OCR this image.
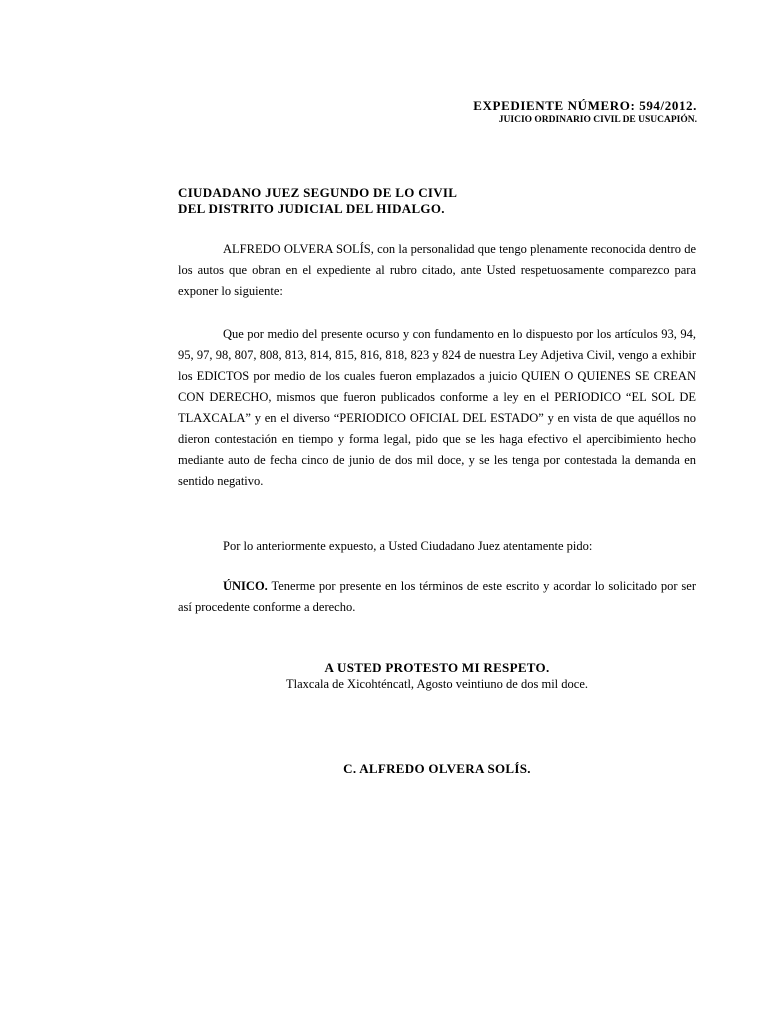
EXPEDIENTE NÚMERO: 594/2012.
JUICIO ORDINARIO CIVIL DE USUCAPIÓN.
CIUDADANO JUEZ SEGUNDO DE LO CIVIL
DEL DISTRITO JUDICIAL DEL HIDALGO.
ALFREDO OLVERA SOLÍS, con la personalidad que tengo plenamente reconocida dentro de los autos que obran en el expediente al rubro citado, ante Usted respetuosamente comparezco para exponer lo siguiente:
Que por medio del presente ocurso y con fundamento en lo dispuesto por los artículos 93, 94, 95, 97, 98, 807, 808, 813, 814, 815, 816, 818, 823 y 824 de nuestra Ley Adjetiva Civil, vengo a exhibir los EDICTOS por medio de los cuales fueron emplazados a juicio QUIEN O QUIENES SE CREAN CON DERECHO, mismos que fueron publicados conforme a ley en el PERIODICO “EL SOL DE TLAXCALA” y en el diverso “PERIODICO OFICIAL DEL ESTADO” y en vista de que aquéllos no dieron contestación en tiempo y forma legal, pido que se les haga efectivo el apercibimiento hecho mediante auto de fecha cinco de junio de dos mil doce, y se les tenga por contestada la demanda en sentido negativo.
Por lo anteriormente expuesto, a Usted Ciudadano Juez atentamente pido:
ÚNICO. Tenerme por presente en los términos de este escrito y acordar lo solicitado por ser así procedente conforme a derecho.
A USTED PROTESTO MI RESPETO.
Tlaxcala de Xicohténcatl, Agosto veintiuno de dos mil doce.
C. ALFREDO OLVERA SOLÍS.
